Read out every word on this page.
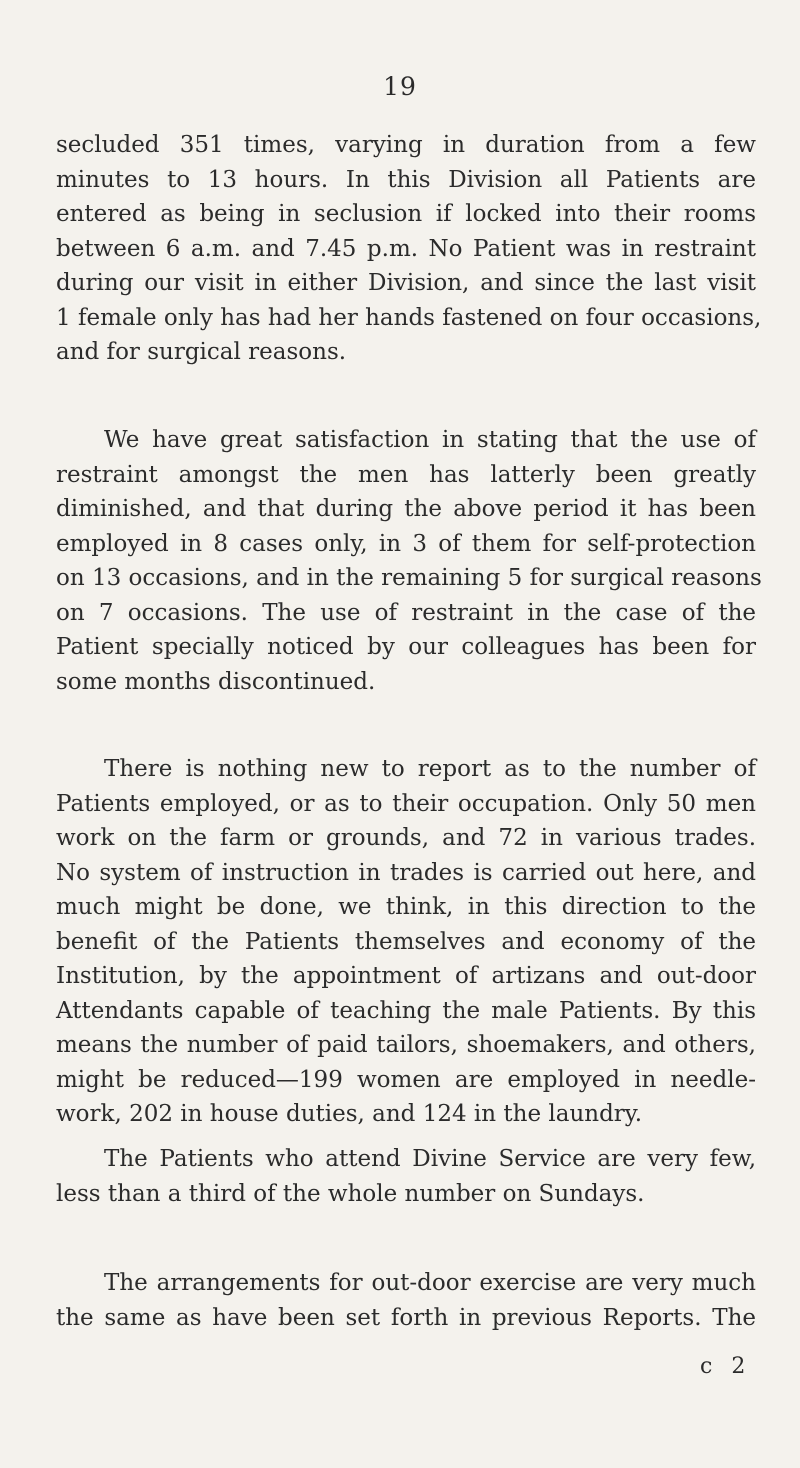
19
secluded 351 times, varying in duration from a few
minutes to 13 hours. In this Division all Patients are
entered as being in seclusion if locked into their rooms
between 6 a.m. and 7.45 p.m. No Patient was in restraint
during our visit in either Division, and since the last visit
1 female only has had her hands fastened on four occasions,
and for surgical reasons.
We have great satisfaction in stating that the use of
restraint amongst the men has latterly been greatly
diminished, and that during the above period it has been
employed in 8 cases only, in 3 of them for self-protection
on 13 occasions, and in the remaining 5 for surgical reasons
on 7 occasions. The use of restraint in the case of the
Patient specially noticed by our colleagues has been for
some months discontinued.
There is nothing new to report as to the number of
Patients employed, or as to their occupation. Only 50 men
work on the farm or grounds, and 72 in various trades.
No system of instruction in trades is carried out here, and
much might be done, we think, in this direction to the
benefit of the Patients themselves and economy of the
Institution, by the appointment of artizans and out-door
Attendants capable of teaching the male Patients. By this
means the number of paid tailors, shoemakers, and others,
might be reduced—199 women are employed in needle-
work, 202 in house duties, and 124 in the laundry.
The Patients who attend Divine Service are very few,
less than a third of the whole number on Sundays.
The arrangements for out-door exercise are very much
the same as have been set forth in previous Reports. The
c 2
